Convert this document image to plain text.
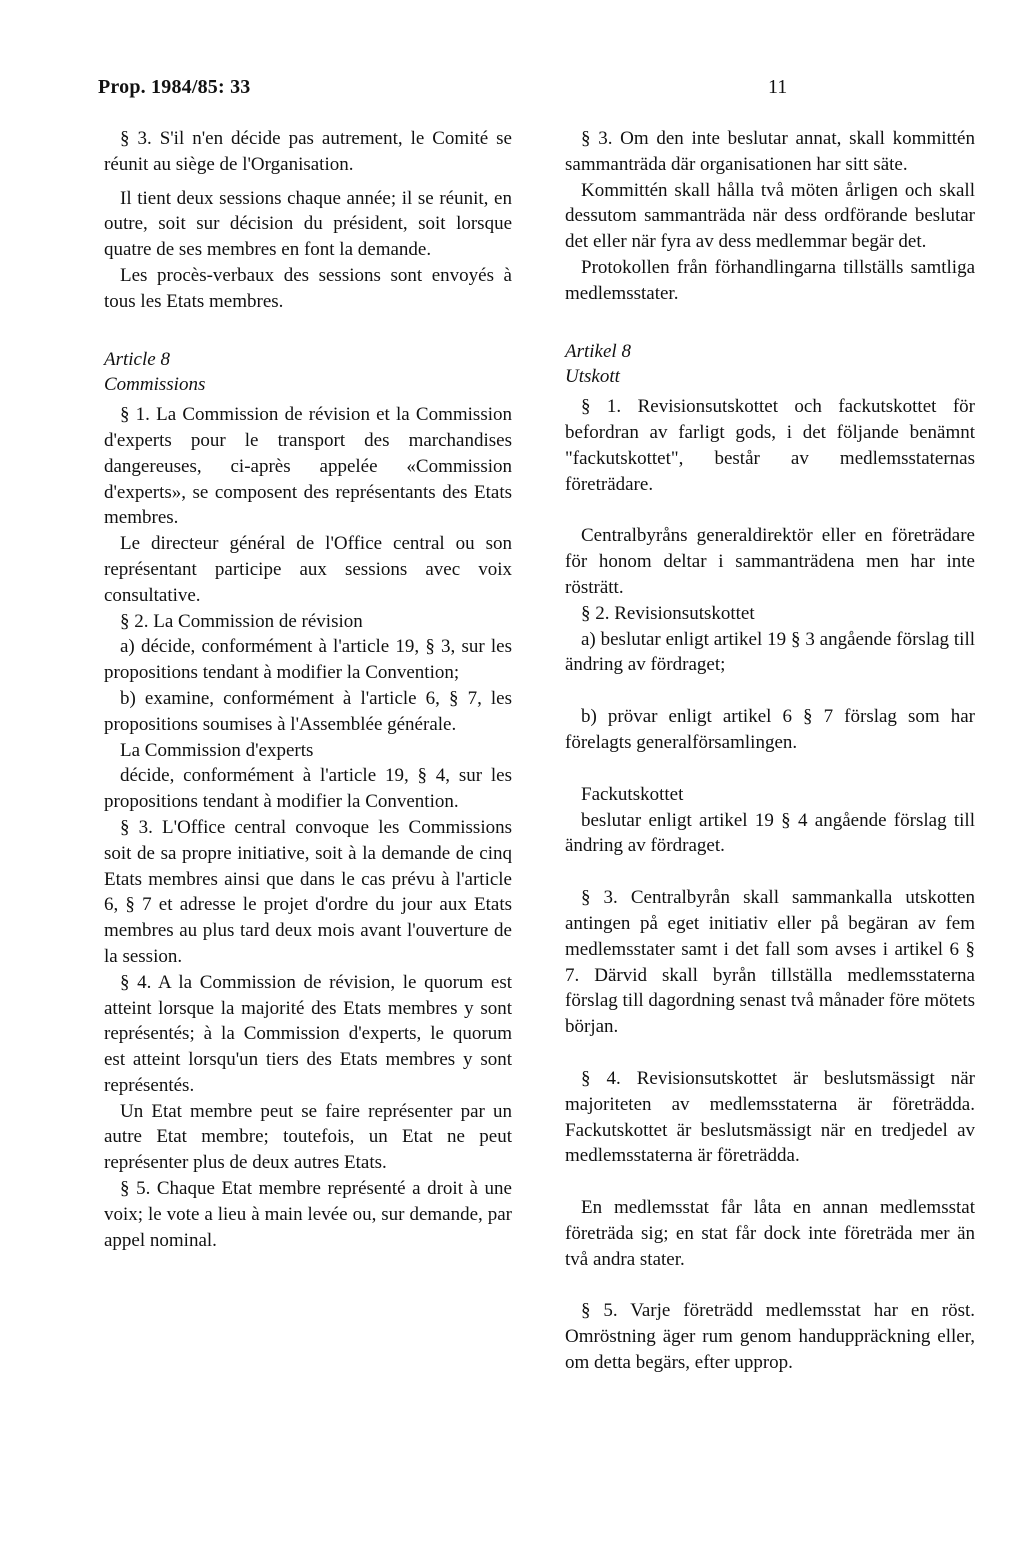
Prop. 1984/85: 33	11

§ 3. S'il n'en décide pas autrement, le Comité se réunit au siège de l'Organisation.

Il tient deux sessions chaque année; il se réunit, en outre, soit sur décision du président, soit lorsque quatre de ses membres en font la demande.

Les procès-verbaux des sessions sont envoyés à tous les Etats membres.

Article 8

Commissions

§ 1. La Commission de révision et la Commission d'experts pour le transport des marchandises dangereuses, ci-après appelée «Commission d'experts», se composent des représentants des Etats membres.

Le directeur général de l'Office central ou son représentant participe aux sessions avec voix consultative.

§ 2. La Commission de révision

a) décide, conformément à l'article 19, § 3, sur les propositions tendant à modifier la Convention;

b) examine, conformément à l'article 6, § 7, les propositions soumises à l'Assemblée générale.

La Commission d'experts

décide, conformément à l'article 19, § 4, sur les propositions tendant à modifier la Convention.

§ 3. L'Office central convoque les Commissions soit de sa propre initiative, soit à la demande de cinq Etats membres ainsi que dans le cas prévu à l'article 6, § 7 et adresse le projet d'ordre du jour aux Etats membres au plus tard deux mois avant l'ouverture de la session.

§ 4. A la Commission de révision, le quorum est atteint lorsque la majorité des Etats membres y sont représentés; à la Commission d'experts, le quorum est atteint lorsqu'un tiers des Etats membres y sont représentés.

Un Etat membre peut se faire représenter par un autre Etat membre; toutefois, un Etat ne peut représenter plus de deux autres Etats.

§ 5. Chaque Etat membre représenté a droit à une voix; le vote a lieu à main levée ou, sur demande, par appel nominal.

§ 3. Om den inte beslutar annat, skall kommittén sammanträda där organisationen har sitt säte.

Kommittén skall hålla två möten årligen och skall dessutom sammanträda när dess ordförande beslutar det eller när fyra av dess medlemmar begär det.

Protokollen från förhandlingarna tillställs samtliga medlemsstater.

Artikel 8

Utskott

§ 1. Revisionsutskottet och fackutskottet för befordran av farligt gods, i det följande benämnt "fackutskottet", består av medlemsstaternas företrädare.

Centralbyråns generaldirektör eller en företrädare för honom deltar i sammanträdena men har inte rösträtt.

§ 2. Revisionsutskottet

a) beslutar enligt artikel 19 § 3 angående förslag till ändring av fördraget;

b) prövar enligt artikel 6 § 7 förslag som har förelagts generalförsamlingen.

Fackutskottet

beslutar enligt artikel 19 § 4 angående förslag till ändring av fördraget.

§ 3. Centralbyrån skall sammankalla utskotten antingen på eget initiativ eller på begäran av fem medlemsstater samt i det fall som avses i artikel 6 § 7. Därvid skall byrån tillställa medlemsstaterna förslag till dagordning senast två månader före mötets början.

§ 4. Revisionsutskottet är beslutsmässigt när majoriteten av medlemsstaterna är företrädda. Fackutskottet är beslutsmässigt när en tredjedel av medlemsstaterna är företrädda.

En medlemsstat får låta en annan medlemsstat företräda sig; en stat får dock inte företräda mer än två andra stater.

§ 5. Varje företrädd medlemsstat har en röst. Omröstning äger rum genom handuppräckning eller, om detta begärs, efter upprop.
